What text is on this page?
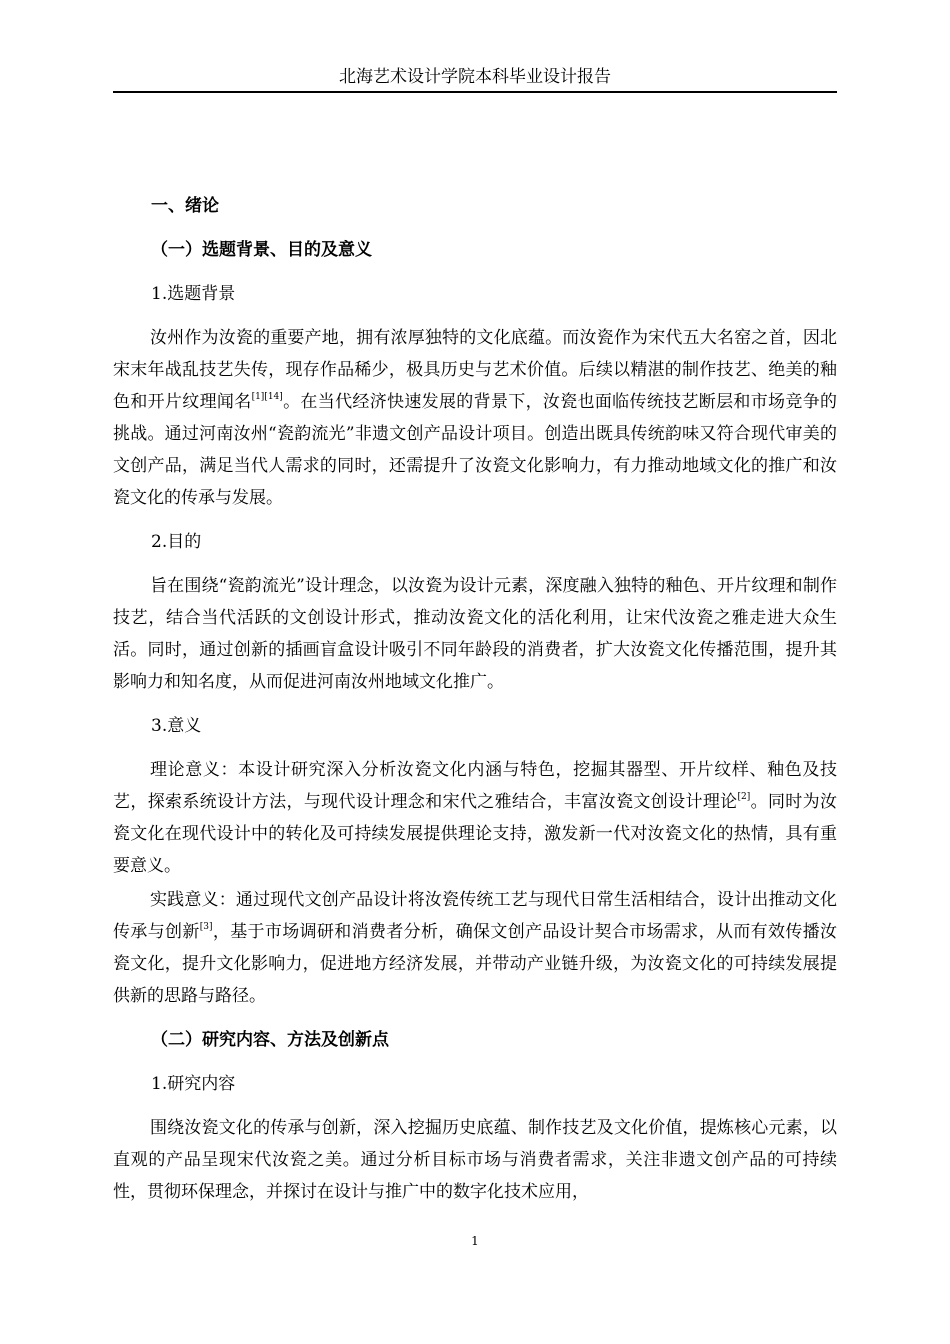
北海艺术设计学院本科毕业设计报告
一、绪论
（一）选题背景、目的及意义
1.选题背景

汝州作为汝瓷的重要产地，拥有浓厚独特的文化底蕴。而汝瓷作为宋代五大名窑之首，因北宋末年战乱技艺失传，现存作品稀少，极具历史与艺术价值。后续以精湛的制作技艺、绝美的釉色和开片纹理闻名[1][14]。在当代经济快速发展的背景下，汝瓷也面临传统技艺断层和市场竞争的挑战。通过河南汝州“瓷韵流光”非遗文创产品设计项目。创造出既具传统韵味又符合现代审美的文创产品，满足当代人需求的同时，还需提升了汝瓷文化影响力，有力推动地域文化的推广和汝瓷文化的传承与发展。

2.目的

旨在围绕“瓷韵流光”设计理念，以汝瓷为设计元素，深度融入独特的釉色、开片纹理和制作技艺，结合当代活跃的文创设计形式，推动汝瓷文化的活化利用，让宋代汝瓷之雅走进大众生活。同时，通过创新的插画盲盒设计吸引不同年龄段的消费者，扩大汝瓷文化传播范围，提升其影响力和知名度，从而促进河南汝州地域文化推广。

3.意义

理论意义：本设计研究深入分析汝瓷文化内涵与特色，挖掘其器型、开片纹样、釉色及技艺，探索系统设计方法，与现代设计理念和宋代之雅结合，丰富汝瓷文创设计理论[2]。同时为汝瓷文化在现代设计中的转化及可持续发展提供理论支持，激发新一代对汝瓷文化的热情，具有重要意义。

实践意义：通过现代文创产品设计将汝瓷传统工艺与现代日常生活相结合，设计出推动文化传承与创新[3]，基于市场调研和消费者分析，确保文创产品设计契合市场需求，从而有效传播汝瓷文化，提升文化影响力，促进地方经济发展，并带动产业链升级，为汝瓷文化的可持续发展提供新的思路与路径。

（二）研究内容、方法及创新点
1.研究内容

围绕汝瓷文化的传承与创新，深入挖掘历史底蕴、制作技艺及文化价值，提炼核心元素，以直观的产品呈现宋代汝瓷之美。通过分析目标市场与消费者需求，关注非遗文创产品的可持续性，贯彻环保理念，并探讨在设计与推广中的数字化技术应用，

1
